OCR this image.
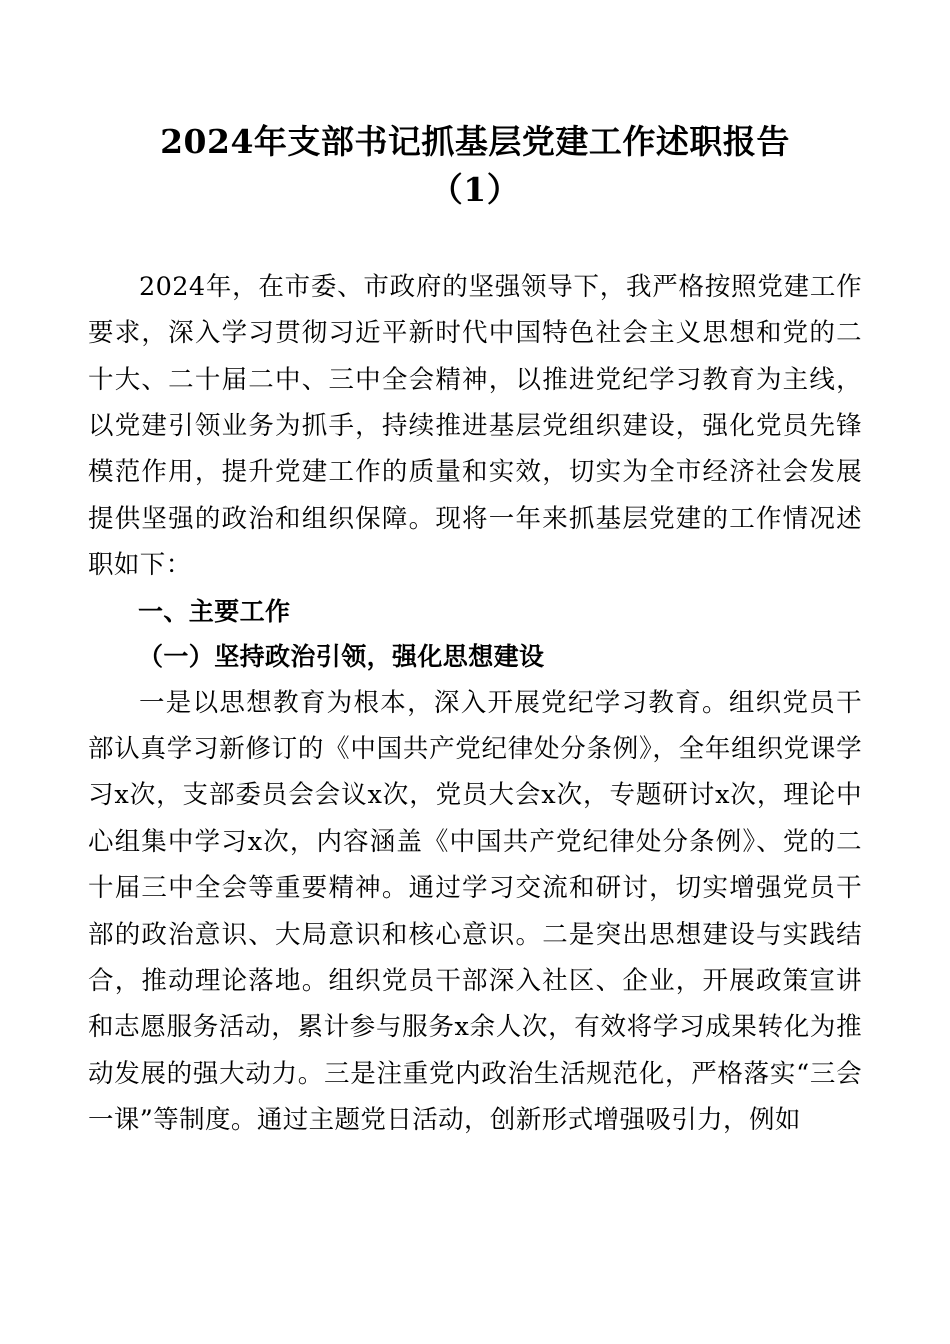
2024年支部书记抓基层党建工作述职报告
（1）

2024年，在市委、市政府的坚强领导下，我严格按照党建工作要求，深入学习贯彻习近平新时代中国特色社会主义思想和党的二十大、二十届二中、三中全会精神，以推进党纪学习教育为主线，以党建引领业务为抓手，持续推进基层党组织建设，强化党员先锋模范作用，提升党建工作的质量和实效，切实为全市经济社会发展提供坚强的政治和组织保障。现将一年来抓基层党建的工作情况述职如下：

一、主要工作

（一）坚持政治引领，强化思想建设

一是以思想教育为根本，深入开展党纪学习教育。组织党员干部认真学习新修订的《中国共产党纪律处分条例》，全年组织党课学习x次，支部委员会会议x次，党员大会x次，专题研讨x次，理论中心组集中学习x次，内容涵盖《中国共产党纪律处分条例》、党的二十届三中全会等重要精神。通过学习交流和研讨，切实增强党员干部的政治意识、大局意识和核心意识。二是突出思想建设与实践结合，推动理论落地。组织党员干部深入社区、企业，开展政策宣讲和志愿服务活动，累计参与服务x余人次，有效将学习成果转化为推动发展的强大动力。三是注重党内政治生活规范化，严格落实“三会一课”等制度。通过主题党日活动，创新形式增强吸引力，例如
